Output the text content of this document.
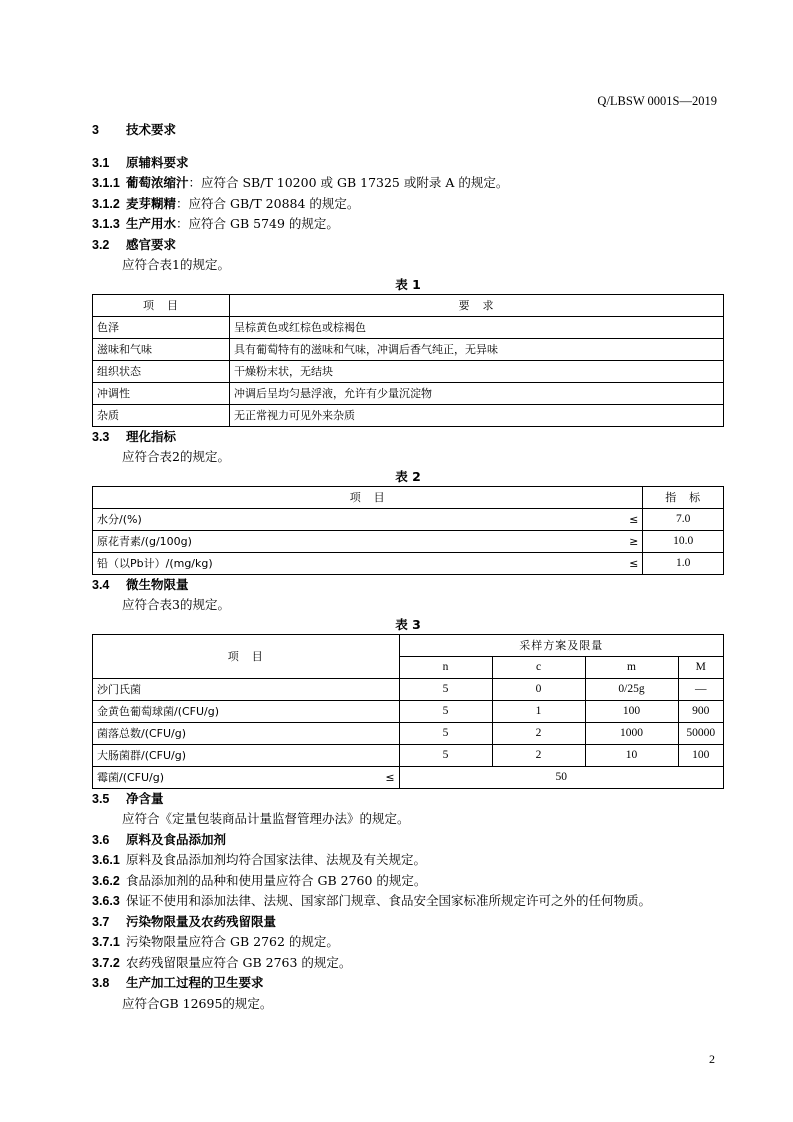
Q/LBSW 0001S—2019
3 技术要求
3.1 原辅料要求
3.1.1 葡萄浓缩汁：应符合 SB/T 10200 或 GB 17325 或附录 A 的规定。
3.1.2 麦芽糊精：应符合 GB/T 20884 的规定。
3.1.3 生产用水：应符合 GB 5749 的规定。
3.2 感官要求
应符合表1的规定。
表 1
项　目	要　求
色泽	呈棕黄色或红棕色或棕褐色
滋味和气味	具有葡萄特有的滋味和气味，冲调后香气纯正，无异味
组织状态	干燥粉末状，无结块
冲调性	冲调后呈均匀悬浮液，允许有少量沉淀物
杂质	无正常视力可见外来杂质
3.3 理化指标
应符合表2的规定。
表 2
项　目		指　标
水分/(%)	≤	7.0
原花青素/(g/100g)	≥	10.0
铅（以Pb计）/(mg/kg)	≤	1.0
3.4 微生物限量
应符合表3的规定。
表 3
项　目		采样方案及限量			
		n	c	m	M
沙门氏菌		5	0	0/25g	—
金黄色葡萄球菌/(CFU/g)		5	1	100	900
菌落总数/(CFU/g)		5	2	1000	50000
大肠菌群/(CFU/g)		5	2	10	100
霉菌/(CFU/g)	≤	50			
3.5 净含量
应符合《定量包装商品计量监督管理办法》的规定。
3.6 原料及食品添加剂
3.6.1 原料及食品添加剂均符合国家法律、法规及有关规定。
3.6.2 食品添加剂的品种和使用量应符合 GB 2760 的规定。
3.6.3 保证不使用和添加法律、法规、国家部门规章、食品安全国家标准所规定许可之外的任何物质。
3.7 污染物限量及农药残留限量
3.7.1 污染物限量应符合 GB 2762 的规定。
3.7.2 农药残留限量应符合 GB 2763 的规定。
3.8 生产加工过程的卫生要求
应符合GB 12695的规定。
2
